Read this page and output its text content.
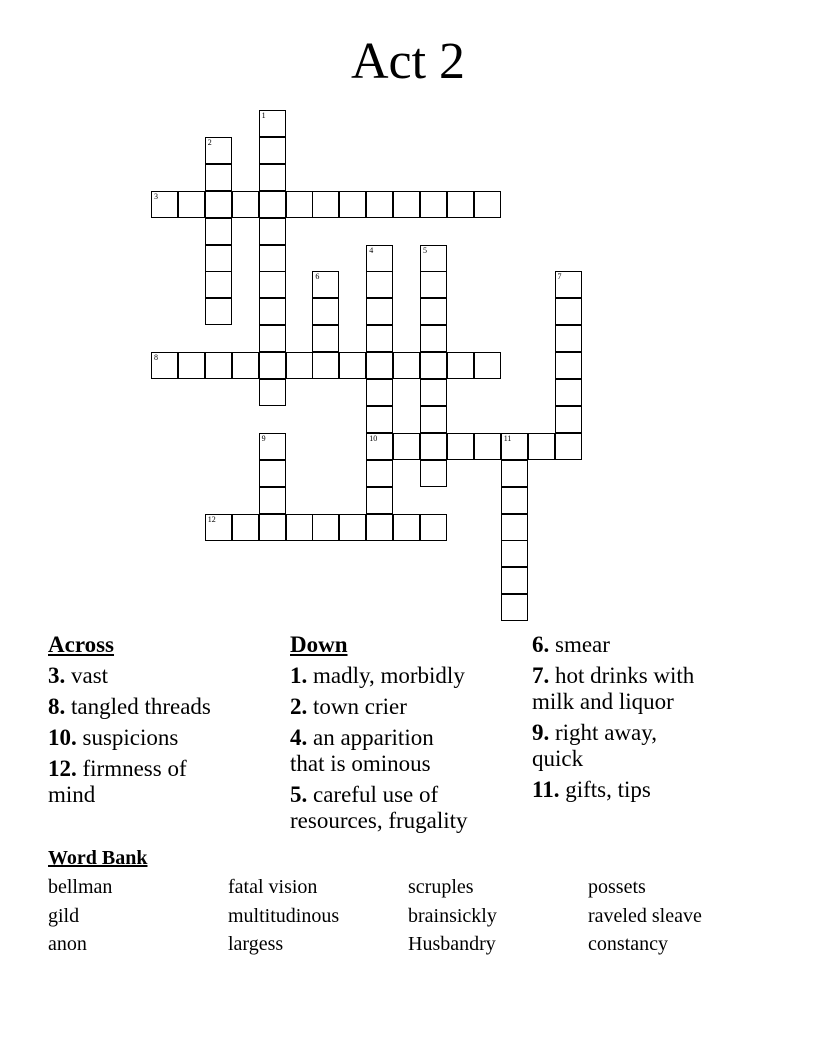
Act 2
3
8
10	11
12
1
2
4	5
6	7
9
Across
3. vast
8. tangled threads
10. suspicions
12. firmness of mind
Down
1. madly, morbidly
2. town crier
4. an apparition that is ominous
5. careful use of resources, frugality
6. smear
7. hot drinks with milk and liquor
9. right away, quick
11. gifts, tips
Word Bank
bellman	fatal vision	scruples	possets
gild	multitudinous	brainsickly	raveled sleave
anon	largess	Husbandry	constancy
